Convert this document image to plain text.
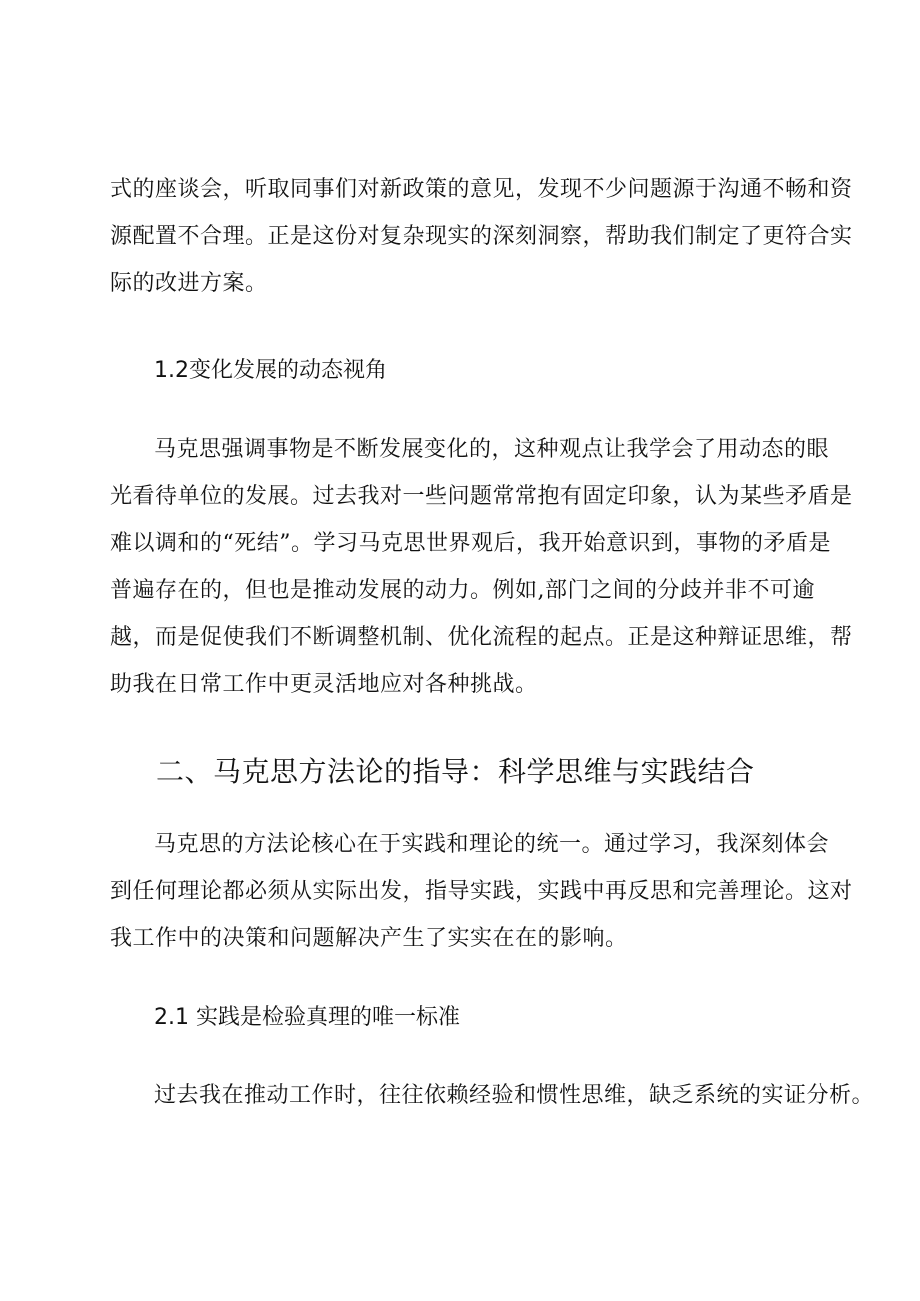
式的座谈会，听取同事们对新政策的意见，发现不少问题源于沟通不畅和资
源配置不合理。正是这份对复杂现实的深刻洞察，帮助我们制定了更符合实
际的改进方案。

1.2变化发展的动态视角

马克思强调事物是不断发展变化的，这种观点让我学会了用动态的眼
光看待单位的发展。过去我对一些问题常常抱有固定印象，认为某些矛盾是
难以调和的“死结”。学习马克思世界观后，我开始意识到，事物的矛盾是
普遍存在的，但也是推动发展的动力。例如,部门之间的分歧并非不可逾
越，而是促使我们不断调整机制、优化流程的起点。正是这种辩证思维，帮
助我在日常工作中更灵活地应对各种挑战。

二、马克思方法论的指导：科学思维与实践结合

马克思的方法论核心在于实践和理论的统一。通过学习，我深刻体会
到任何理论都必须从实际出发，指导实践，实践中再反思和完善理论。这对
我工作中的决策和问题解决产生了实实在在的影响。

2.1 实践是检验真理的唯一标准

过去我在推动工作时，往往依赖经验和惯性思维，缺乏系统的实证分析。
